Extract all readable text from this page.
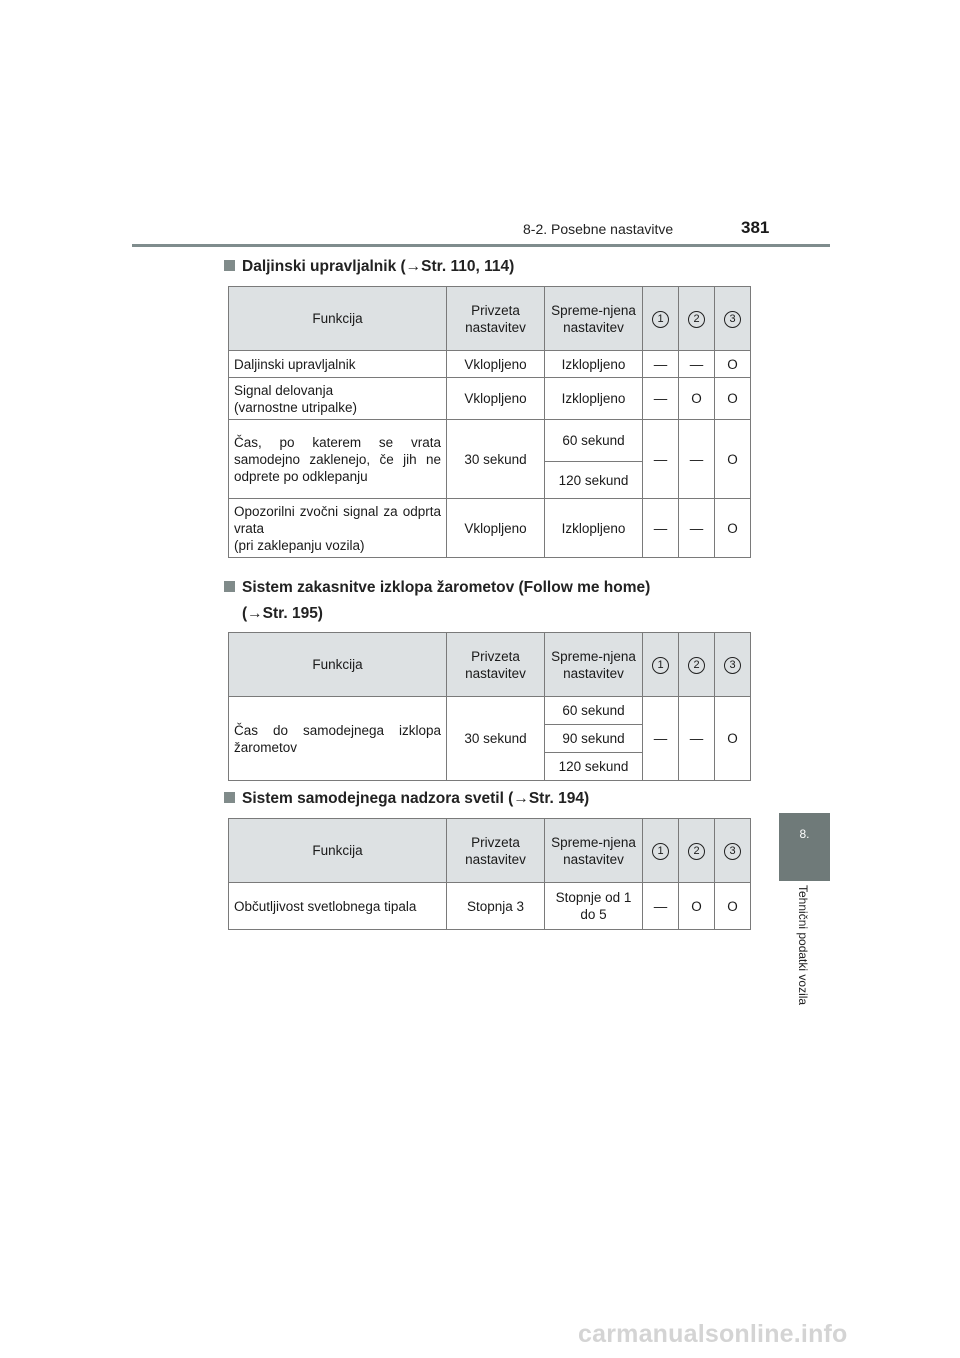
8-2. Posebne nastavitve	381
8.
Tehnični podatki vozila
Daljinski upravljalnik (→Str. 110, 114)
Funkcija	Privzeta nastavitev	Spreme-njena nastavitev	1	2	3
Daljinski upravljalnik	Vklopljeno	Izklopljeno	—	—	O

Signal delovanja
(varnostne utripalke)	Vklopljeno	Izklopljeno	—	O	O
Čas, po katerem se vrata samodejno zaklenejo, če jih ne odprete po odklepanju	30 sekund	60 sekund	—	—	O
		120 sekund			

Opozorilni zvočni signal za odprta vrata
(pri zaklepanju vozila)	Vklopljeno	Izklopljeno	—	—	O
Sistem zakasnitve izklopa žarometov (Follow me home)
(→Str. 195)
Funkcija	Privzeta nastavitev	Spreme-njena nastavitev	1	2	3
Čas do samodejnega izklopa žarometov	30 sekund	60 sekund	—	—	O
		90 sekund			
		120 sekund			
Sistem samodejnega nadzora svetil (→Str. 194)
Funkcija	Privzeta nastavitev	Spreme-njena nastavitev	1	2	3
Občutljivost svetlobnega tipala	Stopnja 3	Stopnje od 1 do 5	—	O	O
carmanualsonline.info
